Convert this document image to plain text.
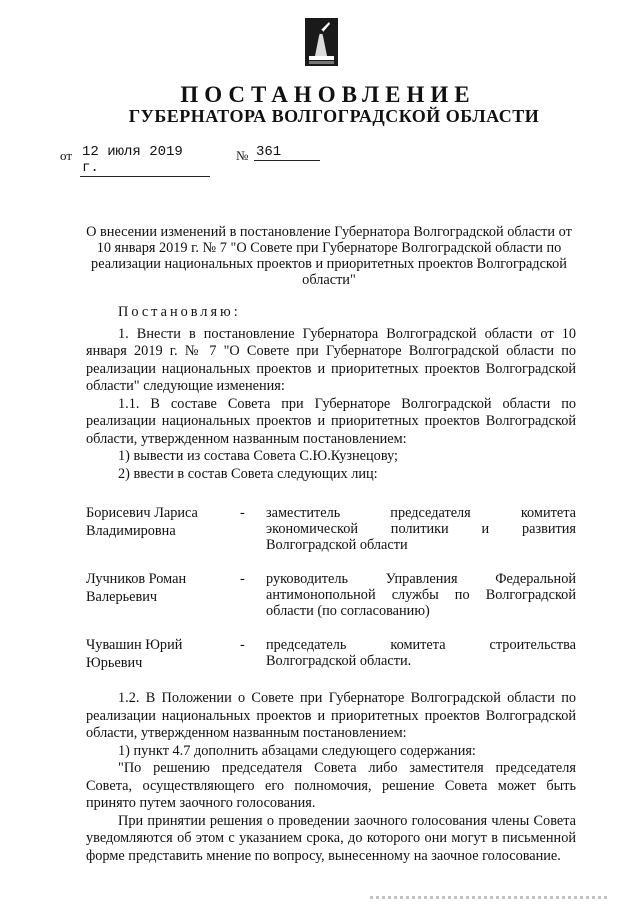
ПОСТАНОВЛЕНИЕ
ГУБЕРНАТОРА ВОЛГОГРАДСКОЙ ОБЛАСТИ
от 12 июля 2019 г.
№ 361
О внесении изменений в постановление Губернатора Волгоградской области от 10 января 2019 г. № 7 "О Совете при Губернаторе Волгоградской области по реализации национальных проектов и приоритетных проектов Волгоградской области"

Постановляю:

1. Внести в постановление Губернатора Волгоградской области от 10 января 2019 г. № 7 "О Совете при Губернаторе Волгоградской области по реализации национальных проектов и приоритетных проектов Волгоградской области" следующие изменения:

1.1. В составе Совета при Губернаторе Волгоградской области по реализации национальных проектов и приоритетных проектов Волгоградской области, утвержденном названным постановлением:

1) вывести из состава Совета С.Ю.Кузнецову;

2) ввести в состав Совета следующих лиц:

Борисевич Лариса Владимировна
-	заместитель председателя комитета экономической политики и развития Волгоградской области
Лучников Роман Валерьевич
-	руководитель Управления Федеральной антимонопольной службы по Волгоградской области (по согласованию)
Чувашин Юрий Юрьевич
-	председатель комитета строительства Волгоградской области.

1.2. В Положении о Совете при Губернаторе Волгоградской области по реализации национальных проектов и приоритетных проектов Волгоградской области, утвержденном названным постановлением:

1) пункт 4.7 дополнить абзацами следующего содержания:

"По решению председателя Совета либо заместителя председателя Совета, осуществляющего его полномочия, решение Совета может быть принято путем заочного голосования.

При принятии решения о проведении заочного голосования члены Совета уведомляются об этом с указанием срока, до которого они могут в письменной форме представить мнение по вопросу, вынесенному на заочное голосование.
